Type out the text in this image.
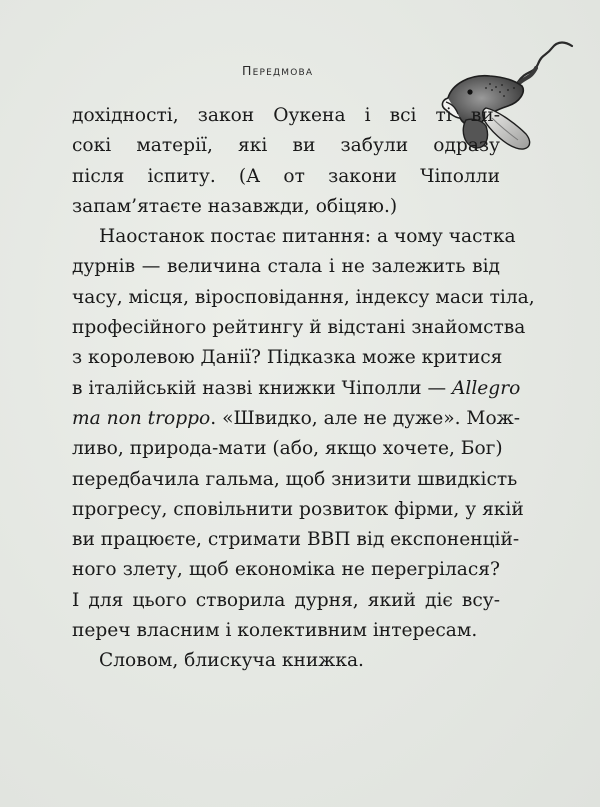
Передмова
дохідності, закон Оукена і всі ті ви-
сокі матерії, які ви забули одразу
після іспиту. (А от закони Чіполли
запам’ятаєте назавжди, обіцяю.)
Наостанок постає питання: а чому частка
дурнів — величина стала і не залежить від
часу, місця, віросповідання, індексу маси тіла,
професійного рейтингу й відстані знайомства
з королевою Данії? Підказка може критися
в італійській назві книжки Чіполли — Allegro
ma non troppo. «Швидко, але не дуже». Мож-
ливо, природа-мати (або, якщо хочете, Бог)
передбачила гальма, щоб знизити швидкість
прогресу, сповільнити розвиток фірми, у якій
ви працюєте, стримати ВВП від експоненцій-
ного злету, щоб економіка не перегрілася?
І для цього створила дурня, який діє всу-
переч власним і колективним інтересам.
Словом, блискуча книжка.
